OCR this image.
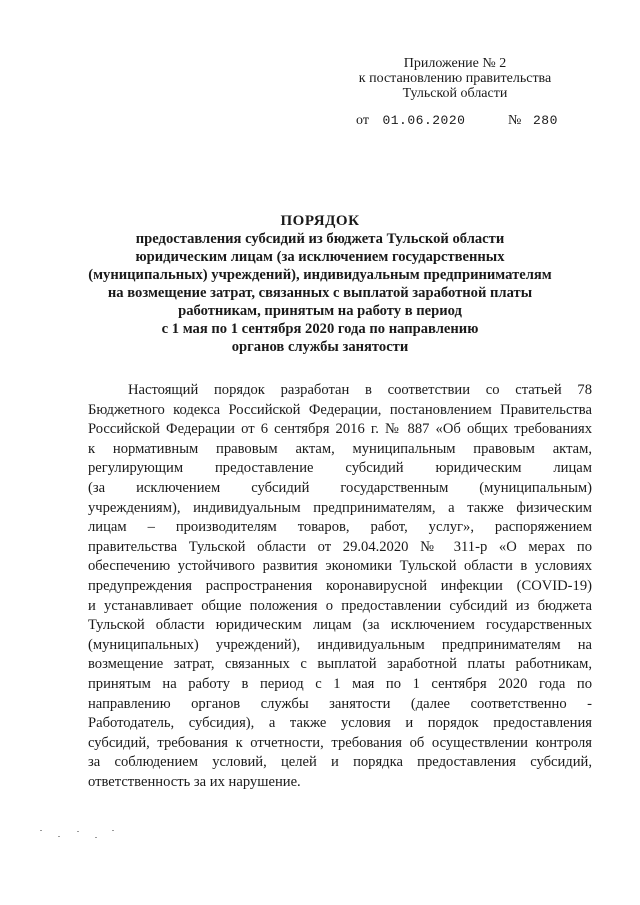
Приложение № 2
к постановлению правительства
Тульской области
от 01.06.2020	№ 280
ПОРЯДОК
предоставления субсидий из бюджета Тульской области
юридическим лицам (за исключением государственных
(муниципальных) учреждений), индивидуальным предпринимателям
на возмещение затрат, связанных с выплатой заработной платы
работникам, принятым на работу в период
с 1 мая по 1 сентября 2020 года по направлению
органов службы занятости
Настоящий порядок разработан в соответствии со статьей 78
Бюджетного кодекса Российской Федерации, постановлением Правительства
Российской Федерации от 6 сентября 2016 г. № 887 «Об общих требованиях
к нормативным правовым актам, муниципальным правовым актам,
регулирующим предоставление субсидий юридическим лицам
(за исключением субсидий государственным (муниципальным)
учреждениям), индивидуальным предпринимателям, а также физическим
лицам – производителям товаров, работ, услуг», распоряжением
правительства Тульской области от 29.04.2020 № 311-р «О мерах по
обеспечению устойчивого развития экономики Тульской области в условиях
предупреждения распространения коронавирусной инфекции (COVID-19)
и устанавливает общие положения о предоставлении субсидий из бюджета
Тульской области юридическим лицам (за исключением государственных
(муниципальных) учреждений), индивидуальным предпринимателям на
возмещение затрат, связанных с выплатой заработной платы работникам,
принятым на работу в период с 1 мая по 1 сентября 2020 года по
направлению органов службы занятости (далее соответственно -
Работодатель, субсидия), а также условия и порядок предоставления
субсидий, требования к отчетности, требования об осуществлении контроля
за соблюдением условий, целей и порядка предоставления субсидий,
ответственность за их нарушение.
